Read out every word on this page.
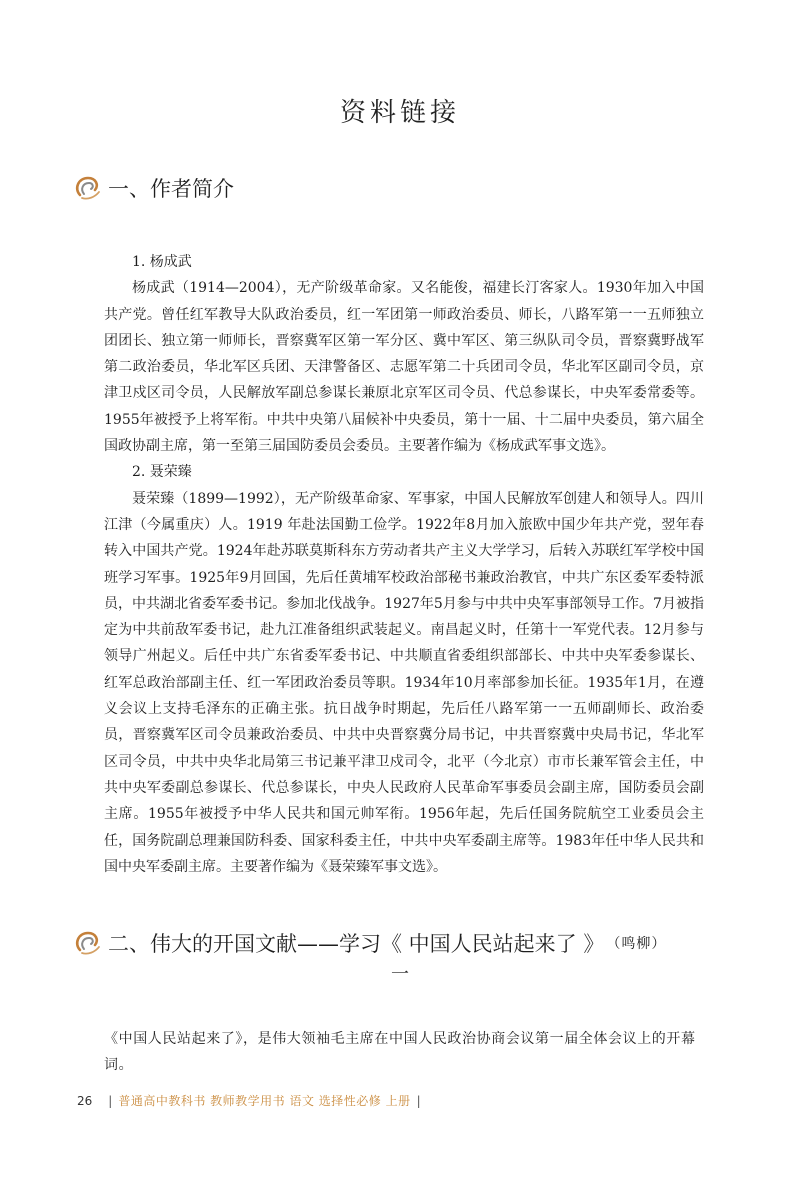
资料链接
一、作者简介

1. 杨成武

杨成武（1914—2004），无产阶级革命家。又名能俊，福建长汀客家人。1930年加入中国共产党。曾任红军教导大队政治委员，红一军团第一师政治委员、师长，八路军第一一五师独立团团长、独立第一师师长，晋察冀军区第一军分区、冀中军区、第三纵队司令员，晋察冀野战军第二政治委员，华北军区兵团、天津警备区、志愿军第二十兵团司令员，华北军区副司令员，京津卫戍区司令员，人民解放军副总参谋长兼原北京军区司令员、代总参谋长，中央军委常委等。1955年被授予上将军衔。中共中央第八届候补中央委员，第十一届、十二届中央委员，第六届全国政协副主席，第一至第三届国防委员会委员。主要著作编为《杨成武军事文选》。

2. 聂荣臻

聂荣臻（1899—1992），无产阶级革命家、军事家，中国人民解放军创建人和领导人。四川江津（今属重庆）人。1919 年赴法国勤工俭学。1922年8月加入旅欧中国少年共产党，翌年春转入中国共产党。1924年赴苏联莫斯科东方劳动者共产主义大学学习，后转入苏联红军学校中国班学习军事。1925年9月回国，先后任黄埔军校政治部秘书兼政治教官，中共广东区委军委特派员，中共湖北省委军委书记。参加北伐战争。1927年5月参与中共中央军事部领导工作。7月被指定为中共前敌军委书记，赴九江准备组织武装起义。南昌起义时，任第十一军党代表。12月参与领导广州起义。后任中共广东省委军委书记、中共顺直省委组织部部长、中共中央军委参谋长、红军总政治部副主任、红一军团政治委员等职。1934年10月率部参加长征。1935年1月，在遵义会议上支持毛泽东的正确主张。抗日战争时期起，先后任八路军第一一五师副师长、政治委员，晋察冀军区司令员兼政治委员、中共中央晋察冀分局书记，中共晋察冀中央局书记，华北军区司令员，中共中央华北局第三书记兼平津卫戍司令，北平（今北京）市市长兼军管会主任，中共中央军委副总参谋长、代总参谋长，中央人民政府人民革命军事委员会副主席，国防委员会副主席。1955年被授予中华人民共和国元帅军衔。1956年起，先后任国务院航空工业委员会主任，国务院副总理兼国防科委、国家科委主任，中共中央军委副主席等。1983年任中华人民共和国中央军委副主席。主要著作编为《聂荣臻军事文选》。

二、伟大的开国文献——学习《 中国人民站起来了 》 （鸣柳）
一

《中国人民站起来了》，是伟大领袖毛主席在中国人民政治协商会议第一届全体会议上的开幕词。

26 | 普通高中教科书 教师教学用书 语文 选择性必修 上册 |
